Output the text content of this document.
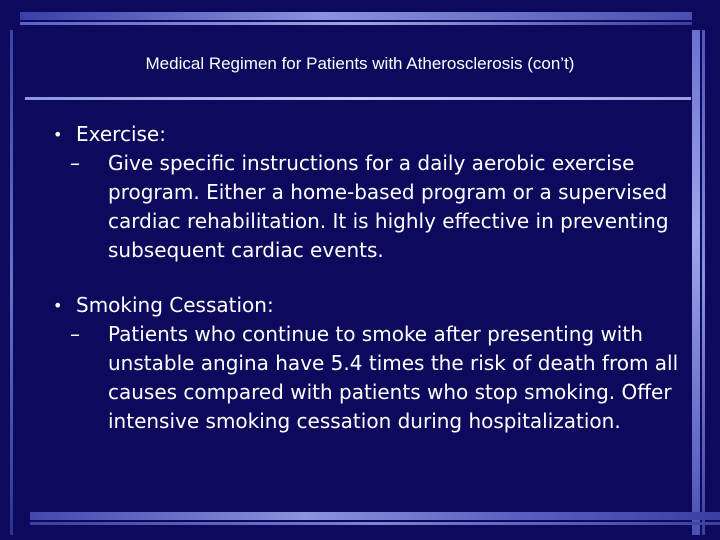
Medical Regimen for Patients with Atherosclerosis (con’t)
• Exercise:
– Give specific instructions for a daily aerobic exercise program. Either a home-based program or a supervised cardiac rehabilitation. It is highly effective in preventing subsequent cardiac events.
• Smoking Cessation:
– Patients who continue to smoke after presenting with unstable angina have 5.4 times the risk of death from all causes compared with patients who stop smoking. Offer intensive smoking cessation during hospitalization.
